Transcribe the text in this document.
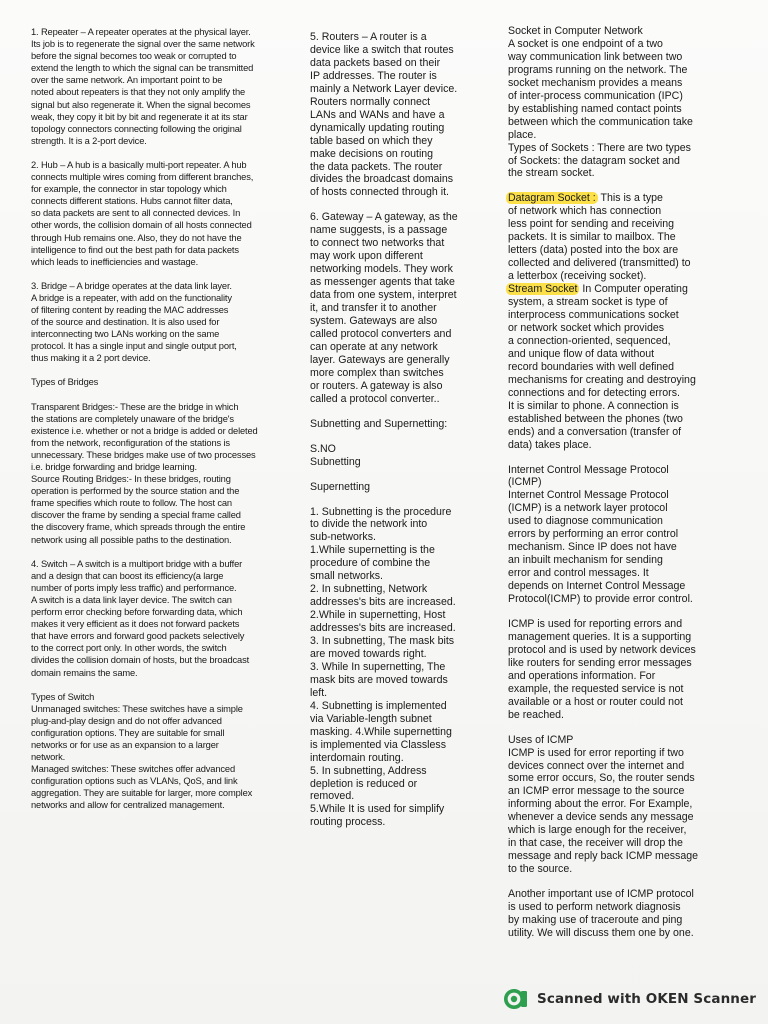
1. Repeater – A repeater operates at the physical layer.
Its job is to regenerate the signal over the same network
before the signal becomes too weak or corrupted to
extend the length to which the signal can be transmitted
over the same network. An important point to be
noted about repeaters is that they not only amplify the
signal but also regenerate it. When the signal becomes
weak, they copy it bit by bit and regenerate it at its star
topology connectors connecting following the original
strength. It is a 2-port device.

2. Hub – A hub is a basically multi-port repeater. A hub
connects multiple wires coming from different branches,
for example, the connector in star topology which
connects different stations. Hubs cannot filter data,
so data packets are sent to all connected devices. In
other words, the collision domain of all hosts connected
through Hub remains one. Also, they do not have the
intelligence to find out the best path for data packets
which leads to inefficiencies and wastage.

3. Bridge – A bridge operates at the data link layer.
A bridge is a repeater, with add on the functionality
of filtering content by reading the MAC addresses
of the source and destination. It is also used for
interconnecting two LANs working on the same
protocol. It has a single input and single output port,
thus making it a 2 port device.

Types of Bridges

Transparent Bridges:- These are the bridge in which
the stations are completely unaware of the bridge's
existence i.e. whether or not a bridge is added or deleted
from the network, reconfiguration of the stations is
unnecessary. These bridges make use of two processes
i.e. bridge forwarding and bridge learning.
Source Routing Bridges:- In these bridges, routing
operation is performed by the source station and the
frame specifies which route to follow. The host can
discover the frame by sending a special frame called
the discovery frame, which spreads through the entire
network using all possible paths to the destination.

4. Switch – A switch is a multiport bridge with a buffer
and a design that can boost its efficiency(a large
number of ports imply less traffic) and performance.
A switch is a data link layer device. The switch can
perform error checking before forwarding data, which
makes it very efficient as it does not forward packets
that have errors and forward good packets selectively
to the correct port only. In other words, the switch
divides the collision domain of hosts, but the broadcast
domain remains the same.

Types of Switch

Unmanaged switches: These switches have a simple
plug-and-play design and do not offer advanced
configuration options. They are suitable for small
networks or for use as an expansion to a larger
network.
Managed switches: These switches offer advanced
configuration options such as VLANs, QoS, and link
aggregation. They are suitable for larger, more complex
networks and allow for centralized management.

5. Routers – A router is a
device like a switch that routes
data packets based on their
IP addresses. The router is
mainly a Network Layer device.
Routers normally connect
LANs and WANs and have a
dynamically updating routing
table based on which they
make decisions on routing
the data packets. The router
divides the broadcast domains
of hosts connected through it.

6. Gateway – A gateway, as the
name suggests, is a passage
to connect two networks that
may work upon different
networking models. They work
as messenger agents that take
data from one system, interpret
it, and transfer it to another
system. Gateways are also
called protocol converters and
can operate at any network
layer. Gateways are generally
more complex than switches
or routers. A gateway is also
called a protocol converter..

Subnetting and Supernetting:

S.NO
Subnetting

Supernetting

1. Subnetting is the procedure
to divide the network into
sub-networks.
1.While supernetting is the
procedure of combine the
small networks.
2. In subnetting, Network
addresses's bits are increased.
2.While in supernetting, Host
addresses's bits are increased.
3. In subnetting, The mask bits
are moved towards right.
3. While In supernetting, The
mask bits are moved towards
left.
4. Subnetting is implemented
via Variable-length subnet
masking. 4.While supernetting
is implemented via Classless
interdomain routing.
5. In subnetting, Address
depletion is reduced or
removed.
5.While It is used for simplify
routing process.

Socket in Computer Network
A socket is one endpoint of a two
way communication link between two
programs running on the network. The
socket mechanism provides a means
of inter-process communication (IPC)
by establishing named contact points
between which the communication take
place.
Types of Sockets : There are two types
of Sockets: the datagram socket and
the stream socket.

Datagram Socket : This is a type
of network which has connection
less point for sending and receiving
packets. It is similar to mailbox. The
letters (data) posted into the box are
collected and delivered (transmitted) to
a letterbox (receiving socket).

Stream Socket In Computer operating
system, a stream socket is type of
interprocess communications socket
or network socket which provides
a connection-oriented, sequenced,
and unique flow of data without
record boundaries with well defined
mechanisms for creating and destroying
connections and for detecting errors.
It is similar to phone. A connection is
established between the phones (two
ends) and a conversation (transfer of
data) takes place.

Internet Control Message Protocol
(ICMP)
Internet Control Message Protocol
(ICMP) is a network layer protocol
used to diagnose communication
errors by performing an error control
mechanism. Since IP does not have
an inbuilt mechanism for sending
error and control messages. It
depends on Internet Control Message
Protocol(ICMP) to provide error control.

ICMP is used for reporting errors and
management queries. It is a supporting
protocol and is used by network devices
like routers for sending error messages
and operations information. For
example, the requested service is not
available or a host or router could not
be reached.

Uses of ICMP
ICMP is used for error reporting if two
devices connect over the internet and
some error occurs, So, the router sends
an ICMP error message to the source
informing about the error. For Example,
whenever a device sends any message
which is large enough for the receiver,
in that case, the receiver will drop the
message and reply back ICMP message
to the source.

Another important use of ICMP protocol
is used to perform network diagnosis
by making use of traceroute and ping
utility. We will discuss them one by one.

Scanned with OKEN Scanner
